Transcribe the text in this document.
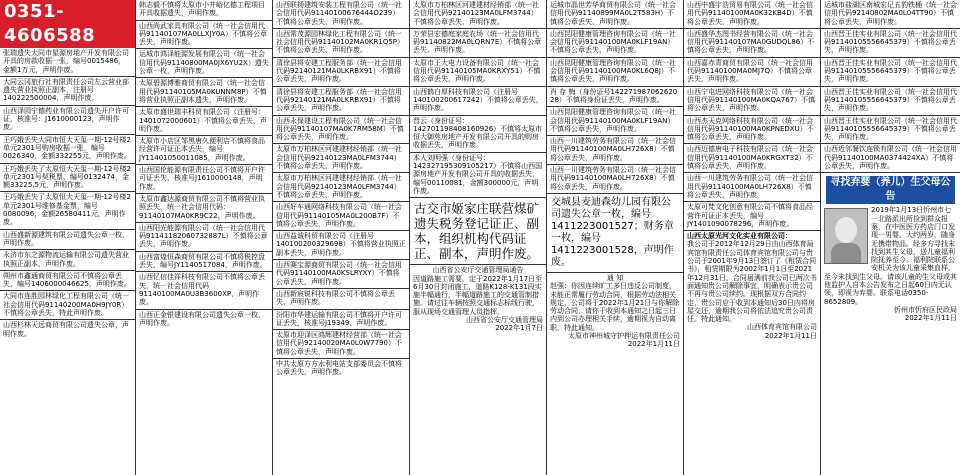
0351-4606588
张瑞遗失大同市星源房地产开发有限公司开具的房款收据一张，编号0015486，金额1万元，声明作废。
大同云冈旅行社有限责任公司左云营业部遗失营业执照正副本，注册号140222500004，声明作废。
山西泽园宁德药业有限公司遗失开户许可证，核准号：J1610000123，声明作废。
王巧娥丢失大同市恒大天玺一期-12号楼2单元2301号购房收据一张，编号0026340，金额332255元，声明作废。
王巧娥丢失了太原恒大天玺一期-12号楼2单元2301号契税票，编号0132474，金额33225.5元，声明作废。
王巧娥丢失了太原恒大天玺一期-12号楼2单元2301号维修基金票，编号0080096，金额26580411元，声明作废。
山西盛新源建筑有限公司遗失公章一枚，声明作废。
永济市东之源物流运输有限公司遗失营业执照正副本，声明作废。
朔州市鑫通商贸有限公司不慎将公章丢失，编号1406000046625，声明作废。
大同市连胜园林绿化工程有限公司（统一社会信用代码91140200MA0H9JY0R）不慎将公章丢失，特此声明作废。
山西杉林天远商贸有限公司遗失公章，声明作废。
韩志毅不慎将太原市小井峪亿德工程项目开具收据遗失，声明作废。
山西尚武家具有限公司（统一社会信用代码91140107MA0LLXJY0A）不慎将公章丢失，声明作废。
运城市鸿泽能源发展有限公司（统一社会信用代码91140800MA0JX6YU2X）遗失公章一枚，声明作废。
太原碧源博雅商贸有限公司（统一社会信用代码91140105MA0KUNNM8P）不慎将营业执照正副本遗失，声明作废。
太原市盛世瑞丰科贸有限公司（注册号：1401072000601）不慎将公章丢失，声明作废。
太原市小店区邹黑唐久便利店不慎将食品经营许可证正本丢失，编号JY11401050011085，声明作废。
山西国伦能源有限责任公司不慎将开户许可证丢失，核准号J1610000148，声明作废。
太原市鑫达源商贸有限公司不慎将营业执照丢失，统一社会信用代码：91140107MA0KR9C22，声明作废。
山西阳光能源有限公司（统一社会信用代码91141182060732887L）不慎将公章丢失，声明作废。
山西富煌恒森商贸有限公司不慎将税控盘丢失，编号JY1140517084，声明作废。
山西忆信佳祥科技有限公司不慎将公章丢失，统一社会信用代码91140100MA0U3B3600XP，声明作废。
山西正金银建设有限公司遗失公章一枚，声明作废。
山西联扬建筑安装工程有限公司（统一社会信用代码91140100676444O239）不慎将公章丢失，声明作废。
山西常茂源园林绿化工程有限公司（统一社会信用代码91140102MA0KR1Q5P）不慎将公章丢失，声明作废。
清徐县将安建工程服务部（统一社会信用代码92140121MA0LKRBX91）不慎将公章丢失，声明作废。
清徐县将安建工程服务部（统一社会信用代码92140121MA0LKRBX91）不慎将公章丢失，声明作废。
山西永保建设工程有限公司（统一社会信用代码91140107MA0K7RM58M）不慎将公章丢失，声明作废。
太原市万柏林区河建建材经销部（统一社会信用代码92140123MA0LFM3744）不慎将公章丢失，声明作废。
太原市万柏林区河建建材经销部（统一社会信用代码92140123MA0LFM3744）不慎将公章丢失，声明作废。
山西好车通网络科技有限公司（统一社会信用代码91140105MA0L200B7F）不慎将公章丢失，声明作废。
山西益诚科贸有限公司（注册号140100200329698）不慎将营业执照正副本丢失，声明作废。
山西赛宝源商贸有限公司（统一社会信用代码91140100MA0KSLRYXY）不慎将公章丢失，声明作废。
山西新宸锐科技有限公司不慎将公章丢失，声明作废。
汾阳市华建运输有限公司不慎将开户许可证丢失，核准号J19349，声明作废。
太原市迎泽区鸿辉建材经营部（统一社会信用代码92140020MA0L0W7790）不慎将公章丢失，声明作废。
中共太原方方水利电站支部委员会不慎将公章丢失，声明作废。
太原市万柏林区河建建材经销部（统一社会信用代码92140123MA0LFM3744）不慎将公章丢失，声明作废。
万荣县宏德庭家庭农场（统一社会信用代码91140822MA0LQRN7E）不慎将公章丢失，声明作废。
太原市王大电力设备有限公司（统一社会信用代码91140105MA0KRXY51）不慎将公章丢失，声明作废。
山西鹤白厚科技有限公司（注册号140100200617242）不慎将公章丢失，声明作废。
晋云（身份证号：142701198408160926）不慎将太原市恒大御苑房地产开发有限公司开具的购房收据丢失，声明作废。
本人刘明强（身份证号：142327195309105217）不慎将山西国源房地产开发有限公司开具的收据丢失，编号00110081，金额300000元，声明作废。
古交市姬家庄联营煤矿遗失税务登记证正、副本，组织机构代码证正、副本，声明作废。
山西省公安厅交通管理局通告
因道路施工需要，定于2022年1月17日至6月30日封闭施工，道路K128-K131段实施半幅通行，半幅道路施工的交通管制措施。请过往车辆按照交通标志标线行驶，服从现场交通管理人员指挥。
山西省公安厅交通管理局
2022年1月7日
运城市晶世芳华商贸有限公司（统一社会信用代码91140899MA0L2T583H）不慎将公章丢失，声明作废。
山西昆阳健康管理咨询有限公司（统一社会信用代码91140100MA0KLF19AN）不慎将公章丢失，声明作废。
山西昆阳健康管理咨询有限公司（统一社会信用代码91140100MA0KL6Q8J）不慎将公章丢失，声明作废。
肖 存 梅（身份证号142271987062620 28）不慎将身份证丢失，声明作废。
山西昆阳健康管理咨询有限公司（统一社会信用代码91140100MA0KLF19AN）不慎将公章丢失，声明作废。
山西一川建筑劳务有限公司（统一社会信用代码91140100MA0LH726X8）不慎将公章丢失，声明作废。
山西一川建筑劳务有限公司（统一社会信用代码91140100MA0LH726X8）不慎将公章丢失，声明作废。
交城县麦迪森幼儿园有限公司遗失公章一枚，编号1411223001527；财务章一枚，编号1411223001528，声明作废。
通 知
赵强：你因连续旷工多日违反公司制度，未能正常履行劳动合同，根据劳动法相关规定，公司将于2022年1月21日与你解除劳动合同，请你于收到本通知之日起三日内到公司办理相关手续，逾期视为自动离职，特此通知。
太原市神州城守护押运有限责任公司
2022年1月11日
山西中盛宇浩贸易有限公司（统一社会信用代码91140100MA0K32KB4D）不慎将公章丢失，声明作废。
山西盛华杰图书经营有限公司（统一社会信用代码91140107MA0GUDQL86）不慎将公章丢失，声明作废。
山西嘉赤青商贸有限公司（统一社会信用代码91140100MA0MJ7Q）不慎将公章丢失，声明作废。
山西宁屯进网络科技有限公司（统一社会信用代码91140100MA0KQA767）不慎将公章丢失，声明作废。
山西杰天克网络科技有限公司（统一社会信用代码91140100MA0KPNEDXU）不慎将公章丢失，声明作废。
山西迈德唐电子科技有限公司（统一社会信用代码91140100MA0KRGXT32）不慎将公章丢失，声明作废。
山西一川建筑劳务有限公司（统一社会信用代码91140100MA0LH726X8）不慎将公章丢失，声明作废。
太原可梵文化创意有限公司不慎将食品经营许可证正本丢失，编号JY1401090078296，声明作废。
山西太原光河文化实业有限公司：
我公司于2012年12月29日由山西体育局宾馆有限责任公司体育宾馆有限公司与贵公司于2001年9月13日签订了《租赁合同书》，租赁期限为2002年1月1日至2021年12月31日，合同届满前我公司已两次书面通知贵公司解除事宜，明确表示贵公司不再与贵公司续约。现根据双方合同约定，贵公司应于收到本通知后30日内将房屋交还，逾期我公司将依法追究贵公司责任。特此通知。
山西体育宾馆有限公司
2022年1月11日
运城市盐湖区南城宏记五豹铁桶（统一社会信用代码92140802MA0L04TT90）不慎将公章丢失，声明作废。
山西晋王佳实业有限公司（统一社会信用代码91140105556645379）不慎将公章丢失，声明作废。
山西晋王佳实业有限公司（统一社会信用代码91140105556645379）不慎将公章丢失，声明作废。
山西晋王佳实业有限公司（统一社会信用代码91140105556645379）不慎将公章丢失，声明作废。
山西晋王佳实业有限公司（统一社会信用代码91140105556645379）不慎将公章丢失，声明作废。
山西近邻餐饮连锁有限公司（统一社会信用代码91140100MA0374424XA）不慎将公章丢失，声明作废。
寻找弃婴（养儿）生父母公告
2019年1月13日忻州市七一北路派出所捡到群众报案，在中医医方药店门口发现一男婴，大约两岁，随身无携带物品。经多方寻找未找到其生父母，送儿童福利院抚养至今。福利院联系公安机关为该儿童采集血样，至今未找到生父母。请该儿童的生父母或其他监护人自本公告发布之日起60日内无认领，即视为弃婴。联系电话0350-8652809。
忻州市忻府区民政局
2022年1月11日
